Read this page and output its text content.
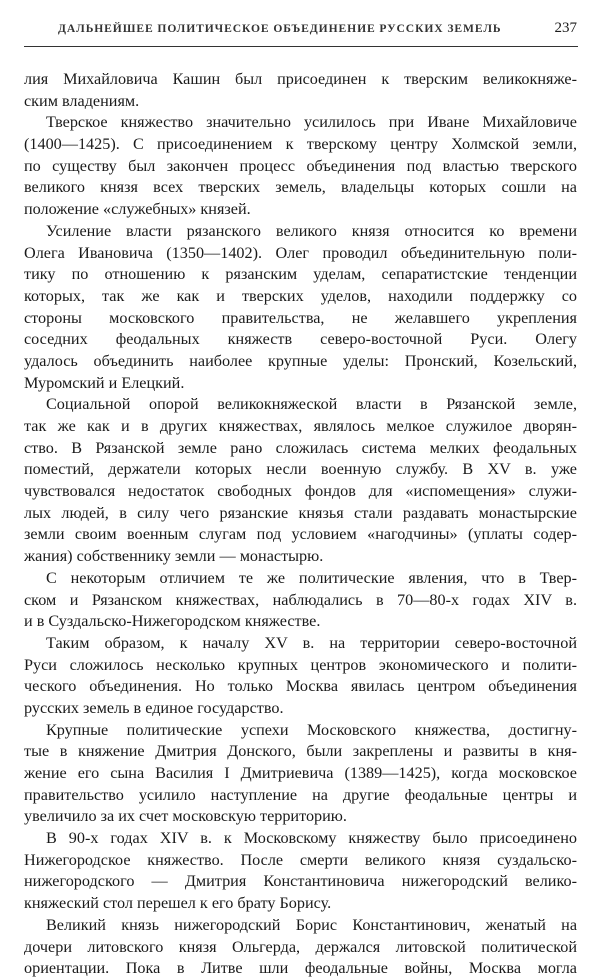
ДАЛЬНЕЙШЕЕ ПОЛИТИЧЕСКОЕ ОБЪЕДИНЕНИЕ РУССКИХ ЗЕМЕЛЬ	237
лия Михайловича Кашин был присоединен к тверским великокняже-
ским владениям.
Тверское княжество значительно усилилось при Иване Михайловиче
(1400—1425). С присоединением к тверскому центру Холмской земли,
по существу был закончен процесс объединения под властью тверского
великого князя всех тверских земель, владельцы которых сошли на
положение «служебных» князей.
Усиление власти рязанского великого князя относится ко времени
Олега Ивановича (1350—1402). Олег проводил объединительную поли-
тику по отношению к рязанским уделам, сепаратистские тенденции
которых, так же как и тверских уделов, находили поддержку со
стороны московского правительства, не желавшего укрепления
соседних феодальных княжеств северо-восточной Руси. Олегу
удалось объединить наиболее крупные уделы: Пронский, Козельский,
Муромский и Елецкий.
Социальной опорой великокняжеской власти в Рязанской земле,
так же как и в других княжествах, являлось мелкое служилое дворян-
ство. В Рязанской земле рано сложилась система мелких феодальных
поместий, держатели которых несли военную службу. В XV в. уже
чувствовался недостаток свободных фондов для «испомещения» служи-
лых людей, в силу чего рязанские князья стали раздавать монастырские
земли своим военным слугам под условием «нагодчины» (уплаты содер-
жания) собственнику земли — монастырю.
С некоторым отличием те же политические явления, что в Твер-
ском и Рязанском княжествах, наблюдались в 70—80-х годах XIV в.
и в Суздальско-Нижегородском княжестве.
Таким образом, к началу XV в. на территории северо-восточной
Руси сложилось несколько крупных центров экономического и полити-
ческого объединения. Но только Москва явилась центром объединения
русских земель в единое государство.
Крупные политические успехи Московского княжества, достигну-
тые в княжение Дмитрия Донского, были закреплены и развиты в кня-
жение его сына Василия I Дмитриевича (1389—1425), когда московское
правительство усилило наступление на другие феодальные центры и
увеличило за их счет московскую территорию.
В 90-х годах XIV в. к Московскому княжеству было присоединено
Нижегородское княжество. После смерти великого князя суздальско-
нижегородского — Дмитрия Константиновича нижегородский велико-
княжеский стол перешел к его брату Борису.
Великий князь нижегородский Борис Константинович, женатый на
дочери литовского князя Ольгерда, держался литовской политической
ориентации. Пока в Литве шли феодальные войны, Москва могла
